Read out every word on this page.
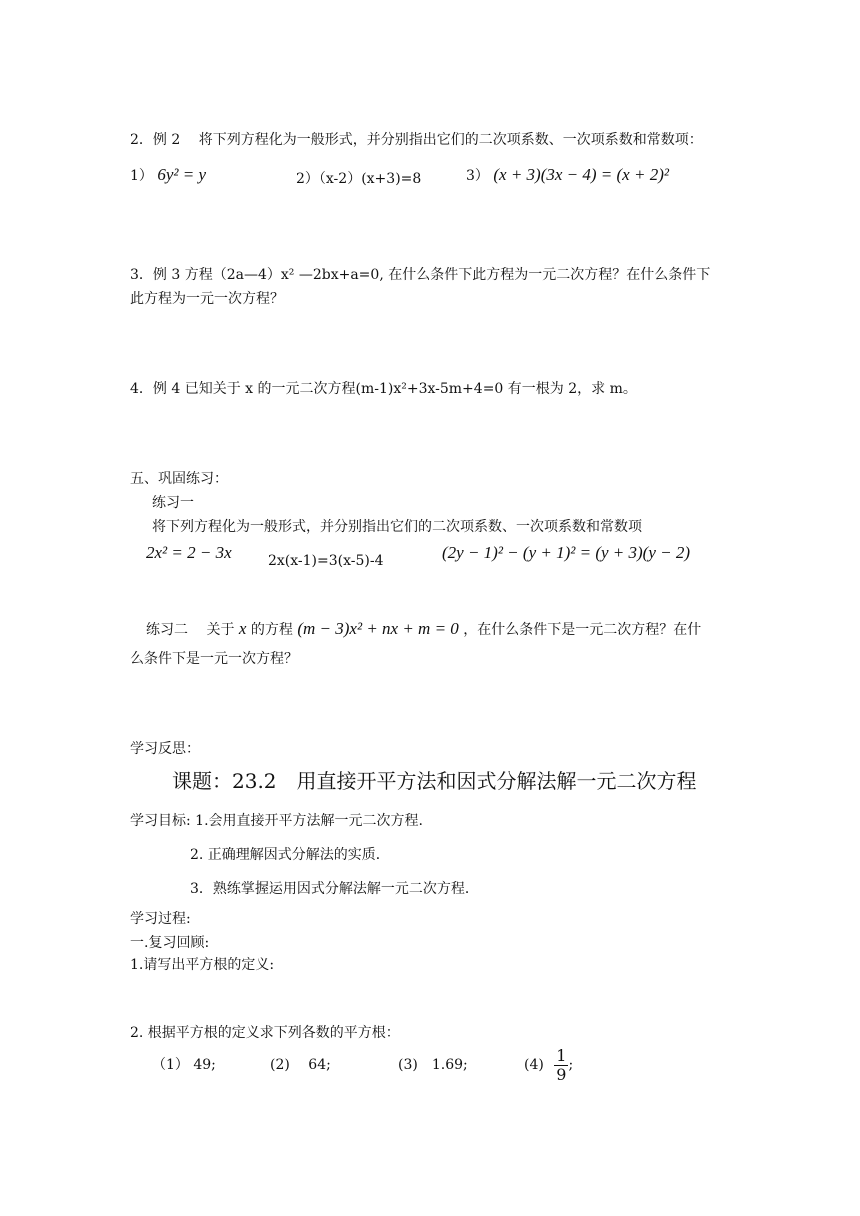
2．例 2　 将下列方程化为一般形式，并分别指出它们的二次项系数、一次项系数和常数项：
1） 6y² = y	2）（x-2）(x+3)=8	3） (x + 3)(3x − 4) = (x + 2)²
3．例 3 方程（2a—4）x² —2bx+a=0, 在什么条件下此方程为一元二次方程？在什么条件下
此方程为一元一次方程？
4．例 4 已知关于 x 的一元二次方程(m-1)x²+3x-5m+4=0 有一根为 2，求 m。
五、巩固练习：
练习一
将下列方程化为一般形式，并分别指出它们的二次项系数、一次项系数和常数项
2x² = 2 − 3x	2x(x-1)=3(x-5)-4	(2y − 1)² − (y + 1)² = (y + 3)(y − 2)
练习二　 关于 x 的方程 (m − 3)x² + nx + m = 0 ，在什么条件下是一元二次方程？在什
么条件下是一元一次方程？
学习反思：
课题：23.2　用直接开平方法和因式分解法解一元二次方程
学习目标: 1.会用直接开平方法解一元二次方程.
2. 正确理解因式分解法的实质．
3．熟练掌握运用因式分解法解一元二次方程．
学习过程:
一.复习回顾:
1.请写出平方根的定义:
2. 根据平方根的定义求下列各数的平方根：
（1） 49;	(2)　 64;	(3)　1.69;	$(4) \frac{1}{9}$ ;
